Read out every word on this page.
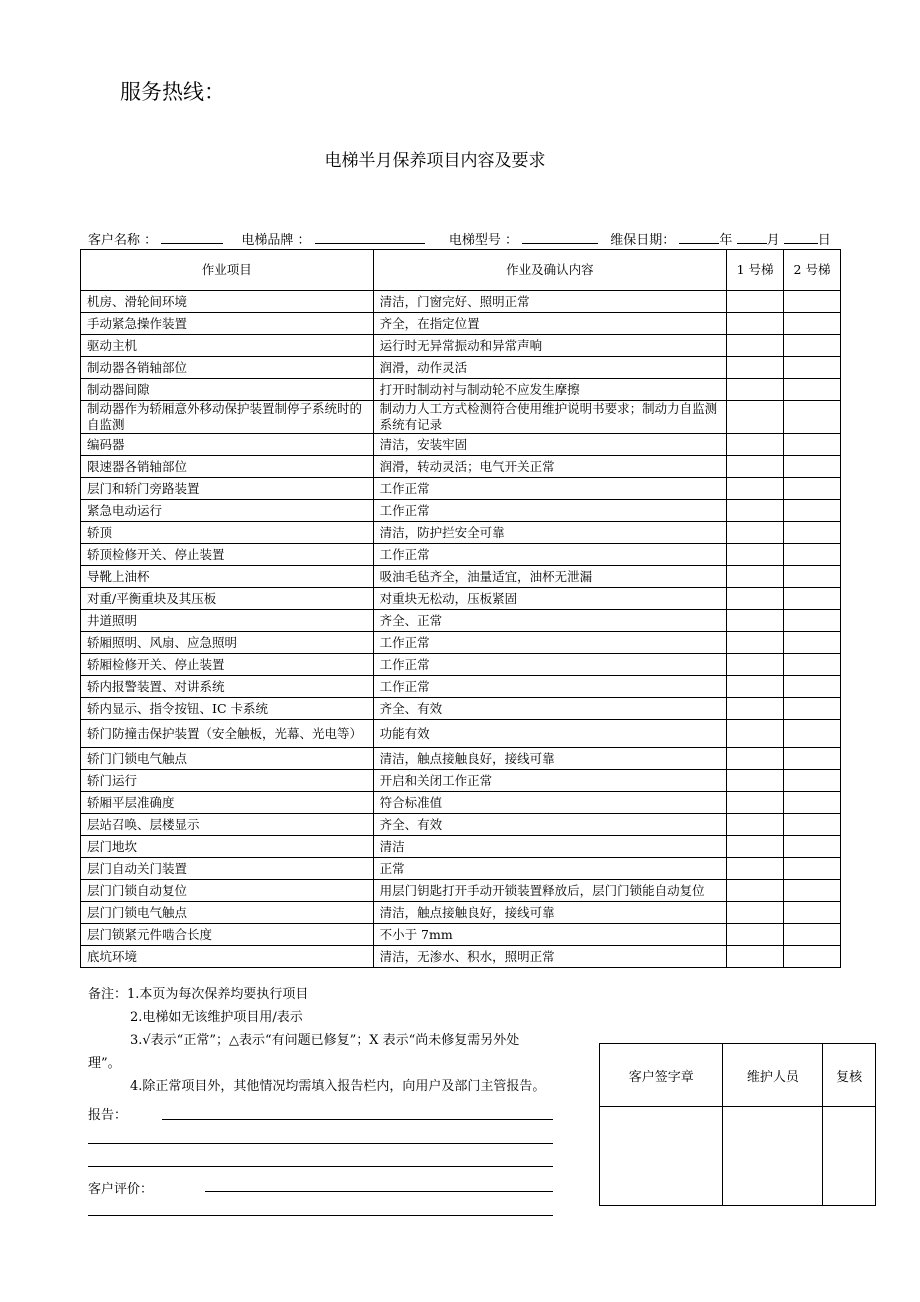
服务热线：
电梯半月保养项目内容及要求
客户名称 ：	电梯品牌 ：	电梯型号 ：	维保日期：	年	月	日
作业项目	作业及确认内容	1 号梯	2 号梯
机房、滑轮间环境	清洁，门窗完好、照明正常		
手动紧急操作装置	齐全，在指定位置		
驱动主机	运行时无异常振动和异常声响		
制动器各销轴部位	润滑，动作灵活		
制动器间隙	打开时制动衬与制动轮不应发生摩擦		
制动器作为轿厢意外移动保护装置制停子系统时的自监测	制动力人工方式检测符合使用维护说明书要求；制动力自监测系统有记录		
编码器	清洁，安装牢固		
限速器各销轴部位	润滑，转动灵活；电气开关正常		
层门和轿门旁路装置	工作正常		
紧急电动运行	工作正常		
轿顶	清洁，防护拦安全可靠		
轿顶检修开关、停止装置	工作正常		
导靴上油杯	吸油毛毡齐全，油量适宜，油杯无泄漏		
对重/平衡重块及其压板	对重块无松动，压板紧固		
井道照明	齐全、正常		
轿厢照明、风扇、应急照明	工作正常		
轿厢检修开关、停止装置	工作正常		
轿内报警装置、对讲系统	工作正常		
轿内显示、指令按钮、IC 卡系统	齐全、有效		
轿门防撞击保护装置（安全触板，光幕、光电等）	功能有效		
轿门门锁电气触点	清洁，触点接触良好，接线可靠		
轿门运行	开启和关闭工作正常		
轿厢平层准确度	符合标准值		
层站召唤、层楼显示	齐全、有效		
层门地坎	清洁		
层门自动关门装置	正常		
层门门锁自动复位	用层门钥匙打开手动开锁装置释放后，层门门锁能自动复位		
层门门锁电气触点	清洁，触点接触良好，接线可靠		
层门锁紧元件啮合长度	不小于 7mm		
底坑环境	清洁，无渗水、积水，照明正常		

备注：1.本页为每次保养均要执行项目

2.电梯如无该维护项目用/表示

3.√表示“正常”；△表示“有问题已修复”；X 表示“尚未修复需另外处

理”。

4.除正常项目外，其他情况均需填入报告栏内，向用户及部门主管报告。

报告：
客户评价：
客户签字章	维护人员	复核
